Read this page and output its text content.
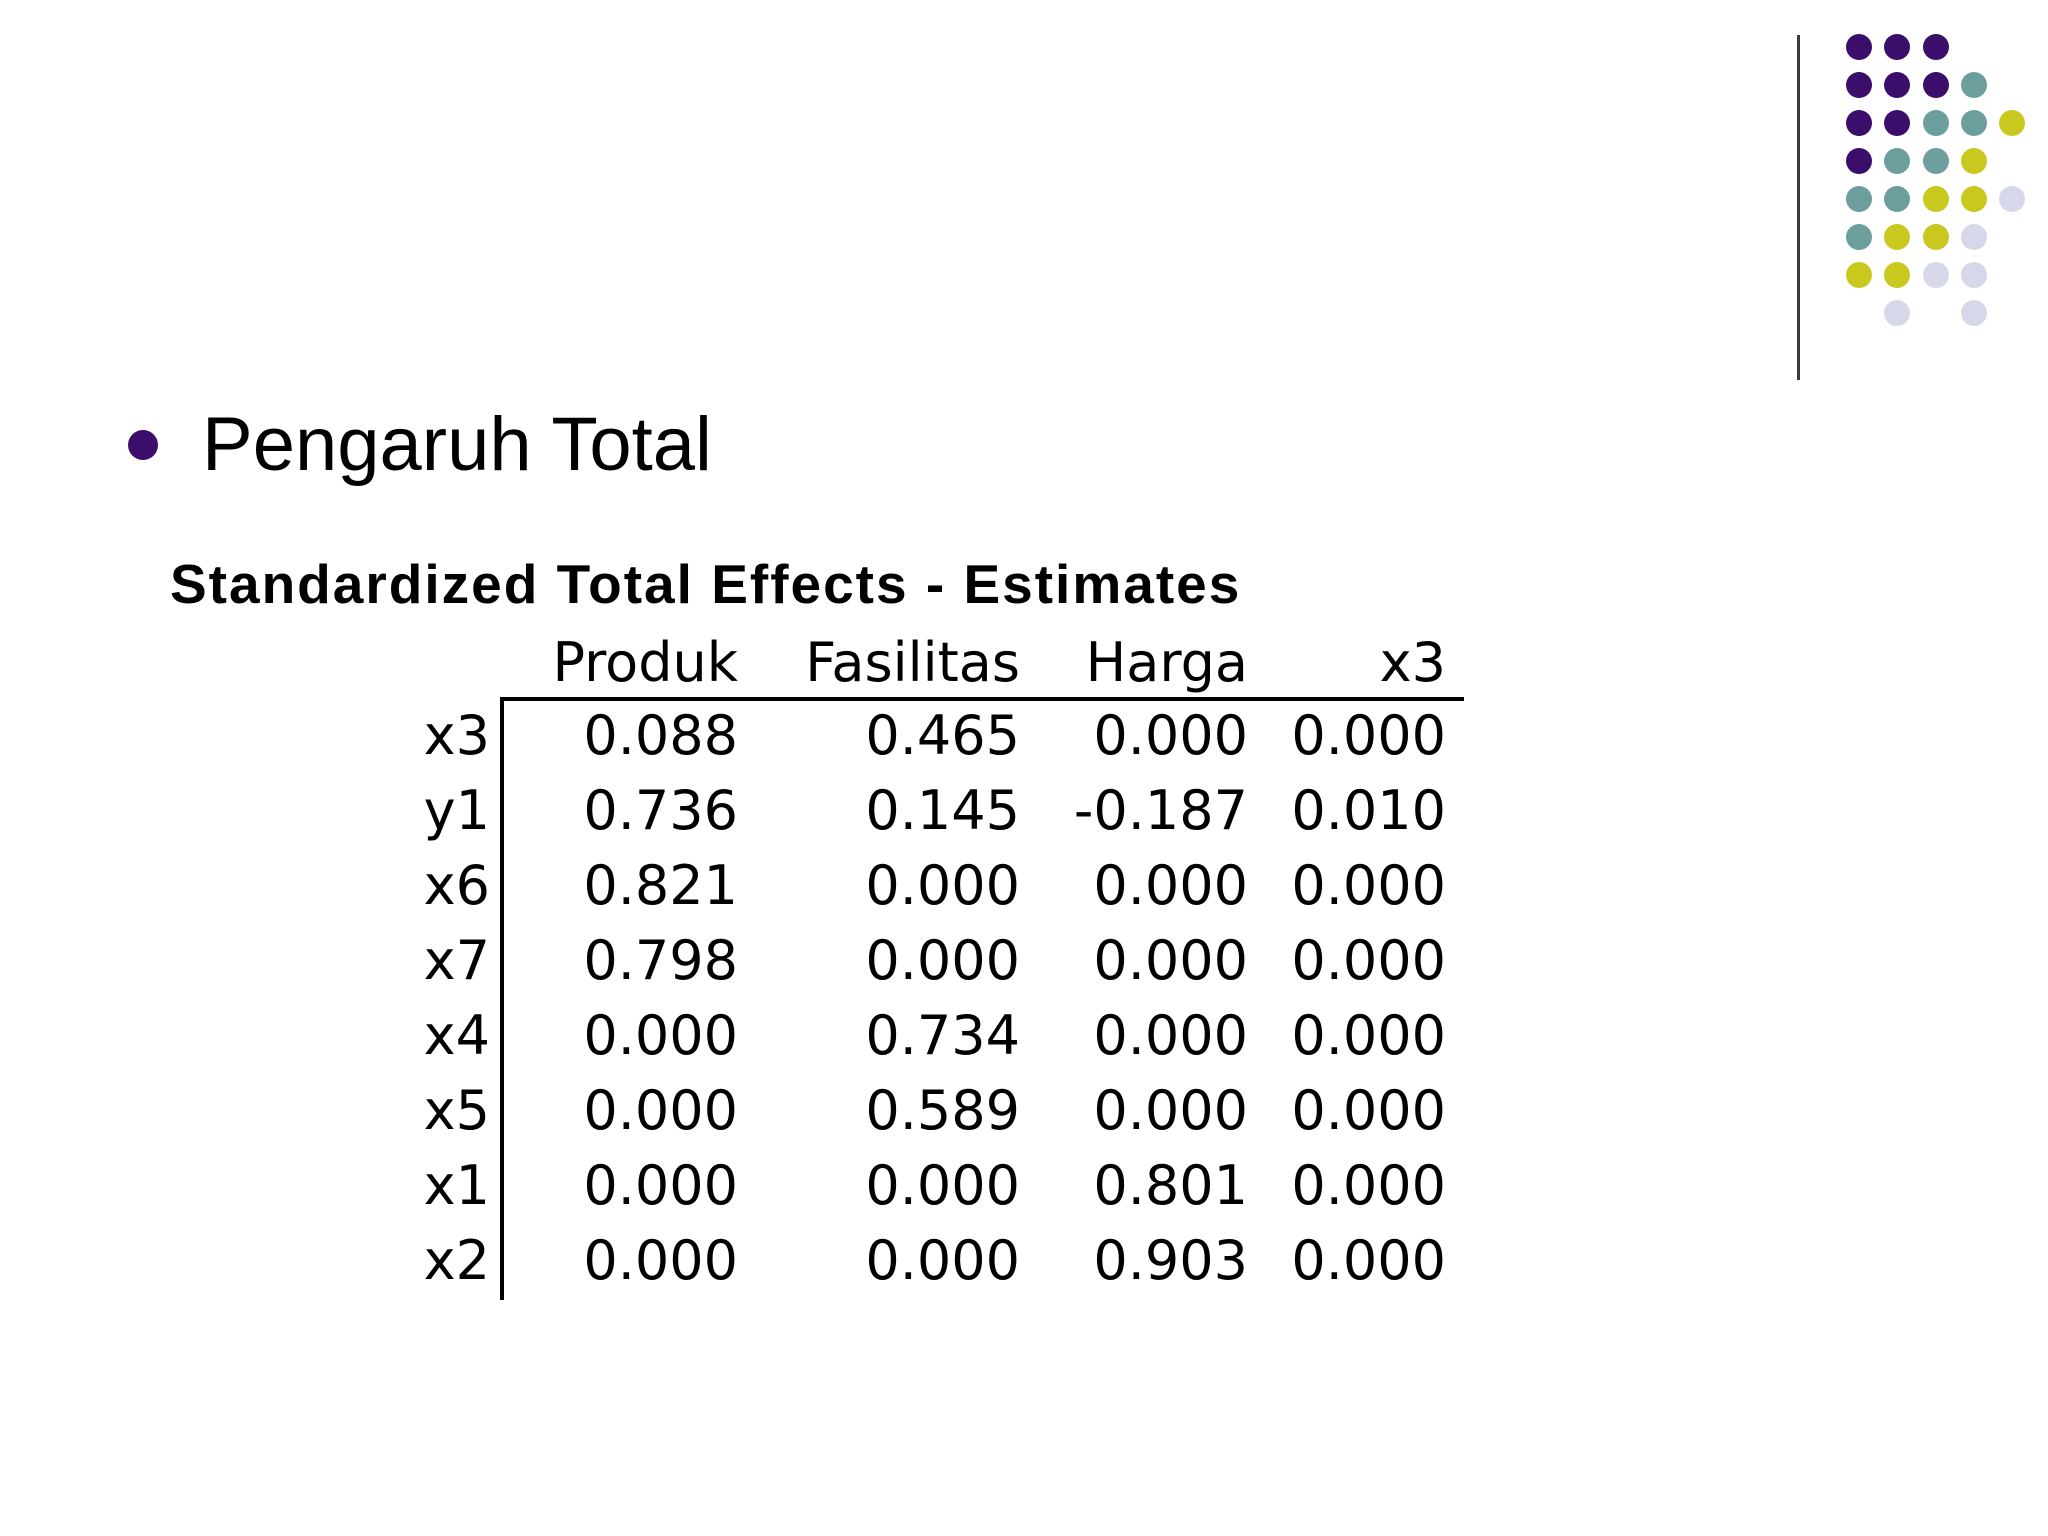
Pengaruh Total
Standardized Total Effects - Estimates
Produk Fasilitas Harga x3
x3 0.088 0.465 0.000 0.000
y1 0.736 0.145 -0.187 0.010
x6 0.821 0.000 0.000 0.000
x7 0.798 0.000 0.000 0.000
x4 0.000 0.734 0.000 0.000
x5 0.000 0.589 0.000 0.000
x1 0.000 0.000 0.801 0.000
x2 0.000 0.000 0.903 0.000
